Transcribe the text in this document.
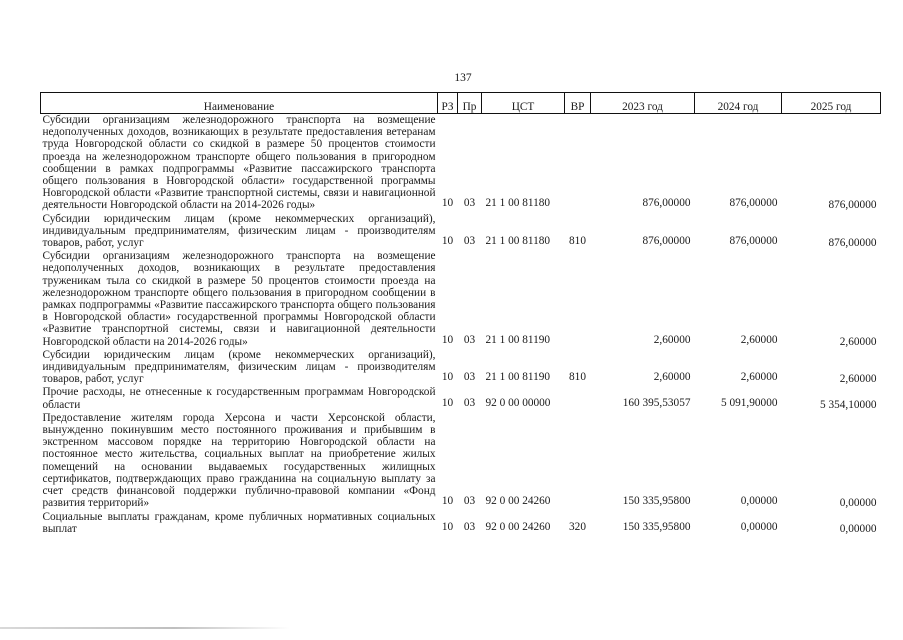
137
Наименование	РЗ	Пр	ЦСТ	ВР	2023 год	2024 год	2025 год
Субсидии организациям железнодорожного транспорта на возмещение недополученных доходов, возникающих в результате предоставления ветеранам труда Новгородской области со скидкой в размере 50 процентов стоимости проезда на железнодорожном транспорте общего пользования в пригородном сообщении в рамках подпрограммы «Развитие пассажирского транспорта общего пользования в Новгородской области» государственной программы Новгородской области «Развитие транспортной системы, связи и навигационной деятельности Новгородской области на 2014-2026 годы»	10	03	21 1 00 81180		876,00000	876,00000	876,00000
Субсидии юридическим лицам (кроме некоммерческих организаций), индивидуальным предпринимателям, физическим лицам - производителям товаров, работ, услуг	10	03	21 1 00 81180	810	876,00000	876,00000	876,00000
Субсидии организациям железнодорожного транспорта на возмещение недополученных доходов, возникающих в результате предоставления труженикам тыла со скидкой в размере 50 процентов стоимости проезда на железнодорожном транспорте общего пользования в пригородном сообщении в рамках подпрограммы «Развитие пассажирского транспорта общего пользования в Новгородской области» государственной программы Новгородской области «Развитие транспортной системы, связи и навигационной деятельности Новгородской области на 2014-2026 годы»	10	03	21 1 00 81190		2,60000	2,60000	2,60000
Субсидии юридическим лицам (кроме некоммерческих организаций), индивидуальным предпринимателям, физическим лицам - производителям товаров, работ, услуг	10	03	21 1 00 81190	810	2,60000	2,60000	2,60000
Прочие расходы, не отнесенные к государственным программам Новгородской области	10	03	92 0 00 00000		160 395,53057	5 091,90000	5 354,10000
Предоставление жителям города Херсона и части Херсонской области, вынужденно покинувшим место постоянного проживания и прибывшим в экстренном массовом порядке на территорию Новгородской области на постоянное место жительства, социальных выплат на приобретение жилых помещений на основании выдаваемых государственных жилищных сертификатов, подтверждающих право гражданина на социальную выплату за счет средств финансовой поддержки публично-правовой компании «Фонд развития территорий»	10	03	92 0 00 24260		150 335,95800	0,00000	0,00000
Социальные выплаты гражданам, кроме публичных нормативных социальных выплат	10	03	92 0 00 24260	320	150 335,95800	0,00000	0,00000
